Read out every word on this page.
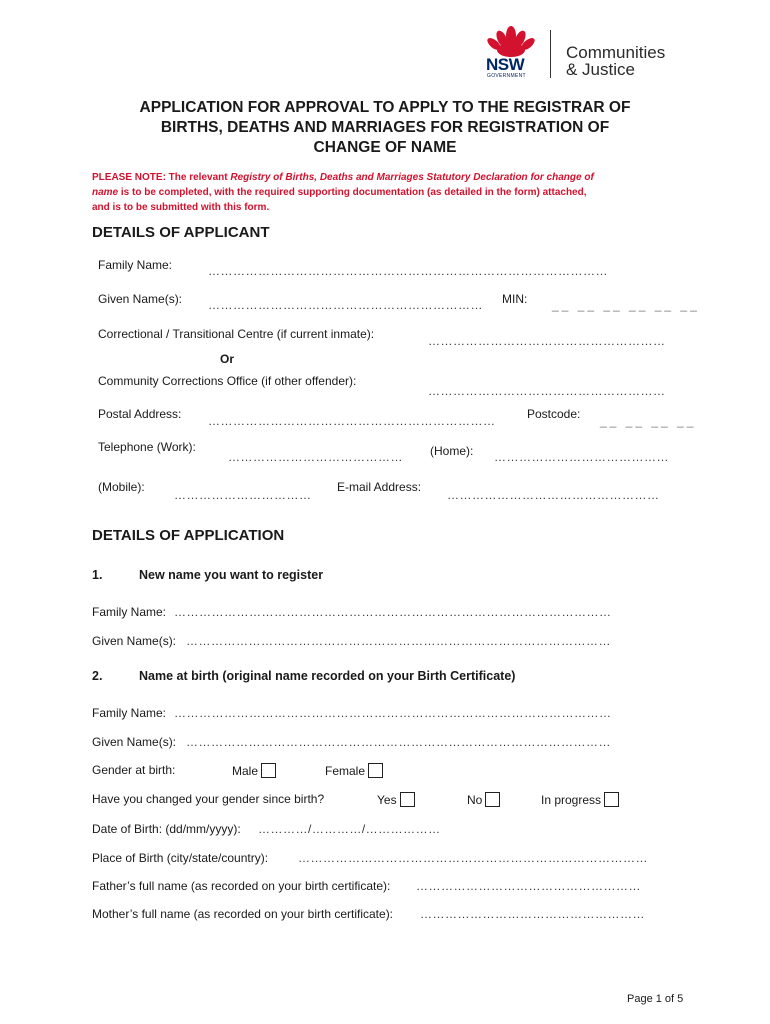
NSW
GOVERNMENT
Communities
& Justice
APPLICATION FOR APPROVAL TO APPLY TO THE REGISTRAR OF
BIRTHS, DEATHS AND MARRIAGES FOR REGISTRATION OF
CHANGE OF NAME
PLEASE NOTE: The relevant Registry of Births, Deaths and Marriages Statutory Declaration for change of
name is to be completed, with the required supporting documentation (as detailed in the form) attached,
and is to be submitted with this form.
DETAILS OF APPLICANT
Family Name:	……………………………………………………………………………………
Given Name(s): ………………………………………………………… MIN: __ __ __ __ __ __
Correctional / Transitional Centre (if current inmate):	…………………………………………………
Or
Community Corrections Office (if other offender):
…………………………………………………
Postal Address: ……………………………………………………………	Postcode: __ __ __ __
Telephone (Work):
…………………………………… (Home): ……………………………………
(Mobile):
……………………………
E-mail Address:
……………………………………………
DETAILS OF APPLICATION
1.	New name you want to register
Family Name: ……………………………………………………………………………………………
Given Name(s): …………………………………………………………………………………………
2.	Name at birth (original name recorded on your Birth Certificate)
Family Name: ……………………………………………………………………………………………
Given Name(s): …………………………………………………………………………………………
Gender at birth:	Male	Female
Have you changed your gender since birth?	Yes	No	In progress
Date of Birth: (dd/mm/yyyy): …………/…………/………………
Place of Birth (city/state/country): …………………………………………………………………………
Father’s full name (as recorded on your birth certificate): ………………………………………………
Mother’s full name (as recorded on your birth certificate): ………………………………………………
Page 1 of 5
